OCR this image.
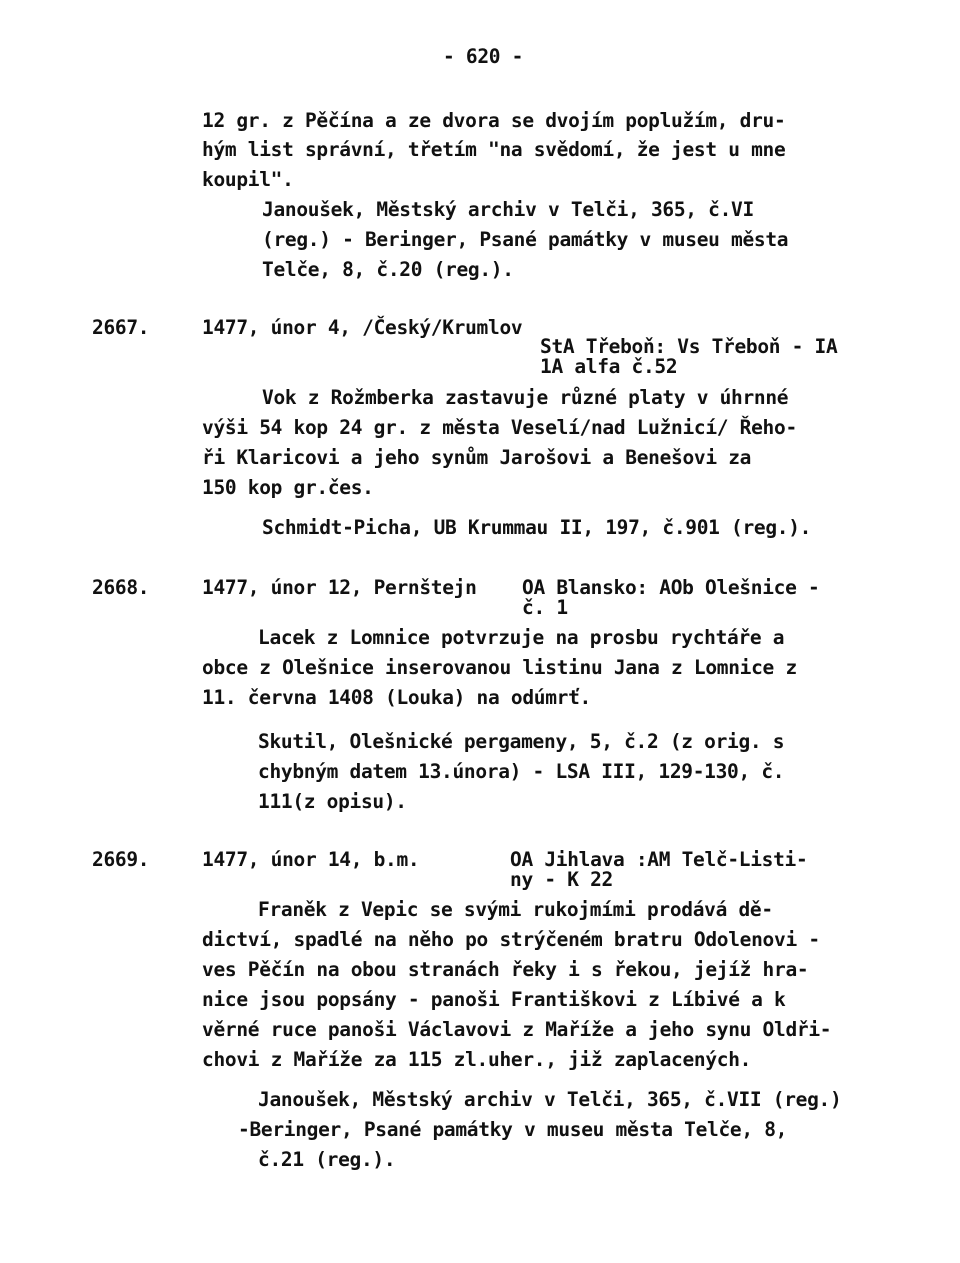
- 620 -
12 gr. z Pěčína a ze dvora se dvojím poplužím, dru-
hým list správní, třetím "na svědomí, že jest u mne
koupil".
Janoušek, Městský archiv v Telči, 365, č.VI
(reg.) - Beringer, Psané památky v museu města
Telče, 8, č.20 (reg.).
2667.	1477, únor 4, /Český/Krumlov
StA Třeboň: Vs Třeboň - IA
1A alfa č.52
Vok z Rožmberka zastavuje různé platy v úhrnné
výši 54 kop 24 gr. z města Veselí/nad Lužnicí/ Řeho-
ři Klaricovi a jeho synům Jarošovi a Benešovi za
150 kop gr.čes.
Schmidt-Picha, UB Krummau II, 197, č.901 (reg.).
2668.	1477, únor 12, Pernštejn OA Blansko: AOb Olešnice -
č. 1
Lacek z Lomnice potvrzuje na prosbu rychtáře a
obce z Olešnice inserovanou listinu Jana z Lomnice z
11. června 1408 (Louka) na odúmrť.
Skutil, Olešnické pergameny, 5, č.2 (z orig. s
chybným datem 13.února) - LSA III, 129-130, č.
111(z opisu).
2669.	1477, únor 14, b.m.	OA Jihlava :AM Telč-Listi-
ny - K 22
Franěk z Vepic se svými rukojmími prodává dě-
dictví, spadlé na něho po strýčeném bratru Odolenovi -
ves Pěčín na obou stranách řeky i s řekou, jejíž hra-
nice jsou popsány - panoši Františkovi z Líbivé a k
věrné ruce panoši Václavovi z Maříže a jeho synu Oldři-
chovi z Maříže za 115 zl.uher., již zaplacených.
Janoušek, Městský archiv v Telči, 365, č.VII (reg.)
-Beringer, Psané památky v museu města Telče, 8,
č.21 (reg.).
